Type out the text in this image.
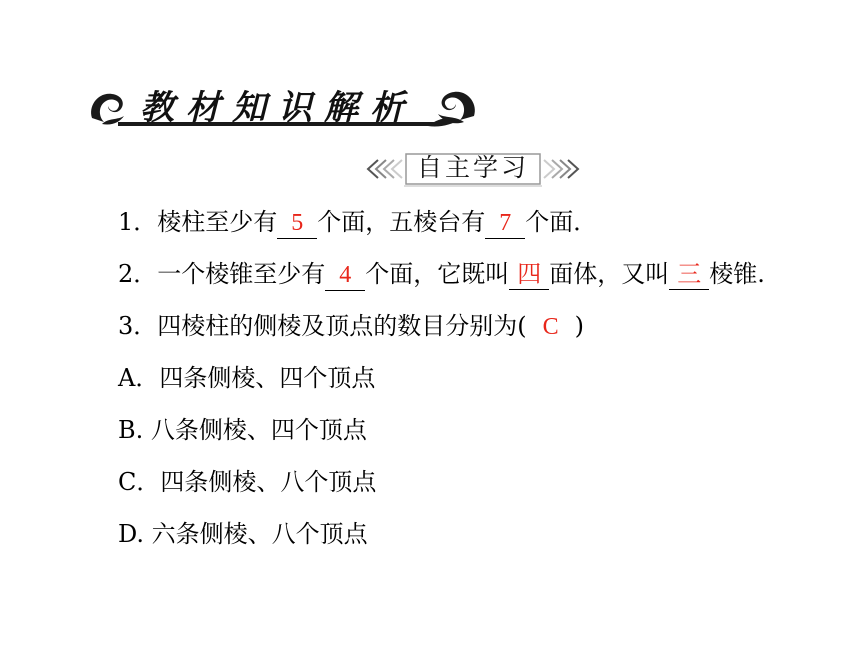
教材知识解析
自主学习
1．棱柱至少有 5 个面，五棱台有 7 个面．
2．一个棱锥至少有 4 个面，它既叫 四 面体，又叫 三 棱锥.
3．四棱柱的侧棱及顶点的数目分别为( C )
A．四条侧棱、四个顶点
B. 八条侧棱、四个顶点
C．四条侧棱、八个顶点
D. 六条侧棱、八个顶点
